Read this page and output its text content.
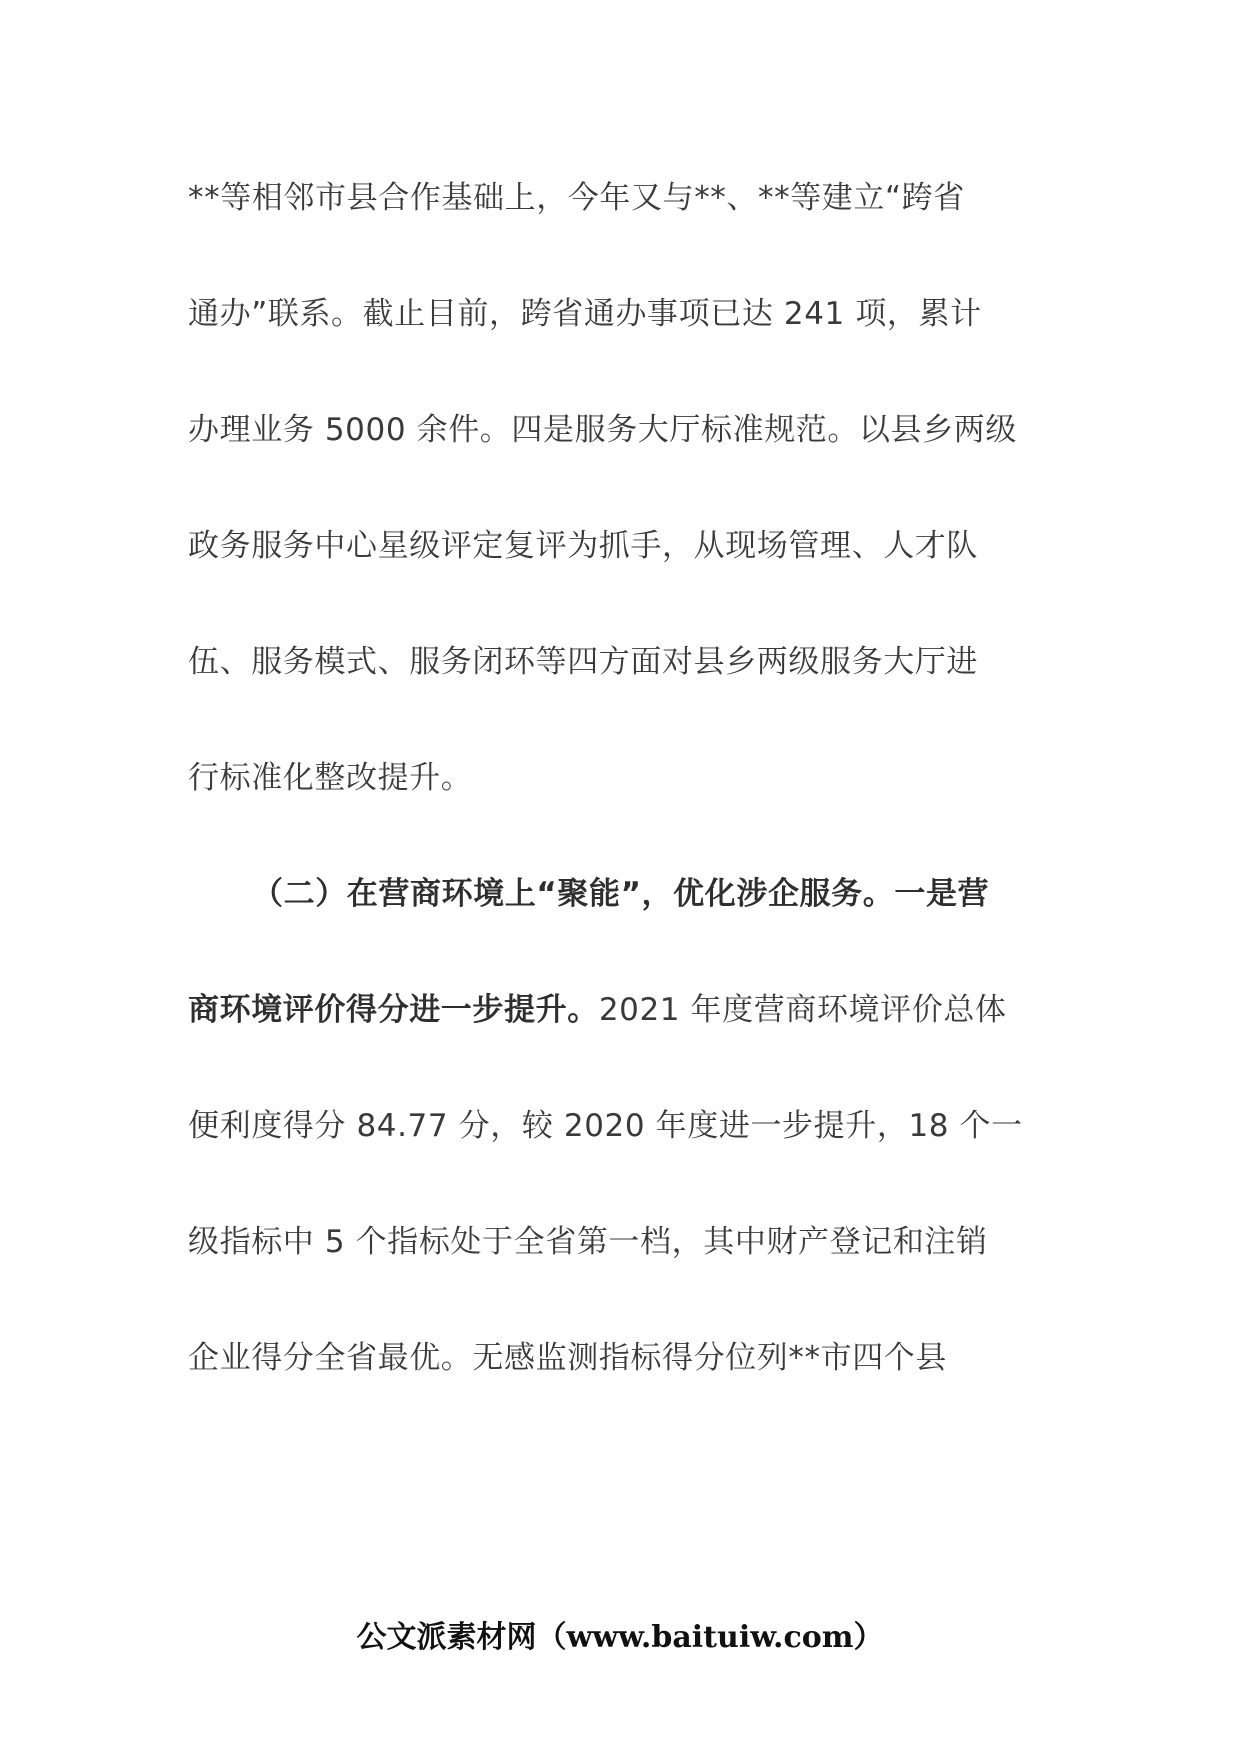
**等相邻市县合作基础上，今年又与**、**等建立“跨省
通办”联系。截止目前，跨省通办事项已达 241 项，累计
办理业务 5000 余件。四是服务大厅标准规范。以县乡两级
政务服务中心星级评定复评为抓手，从现场管理、人才队
伍、服务模式、服务闭环等四方面对县乡两级服务大厅进
行标准化整改提升。
（二）在营商环境上“聚能”，优化涉企服务。一是营
商环境评价得分进一步提升。2021 年度营商环境评价总体
便利度得分 84.77 分，较 2020 年度进一步提升，18 个一
级指标中 5 个指标处于全省第一档，其中财产登记和注销
企业得分全省最优。无感监测指标得分位列**市四个县
公文派素材网（www.baituiw.com）
